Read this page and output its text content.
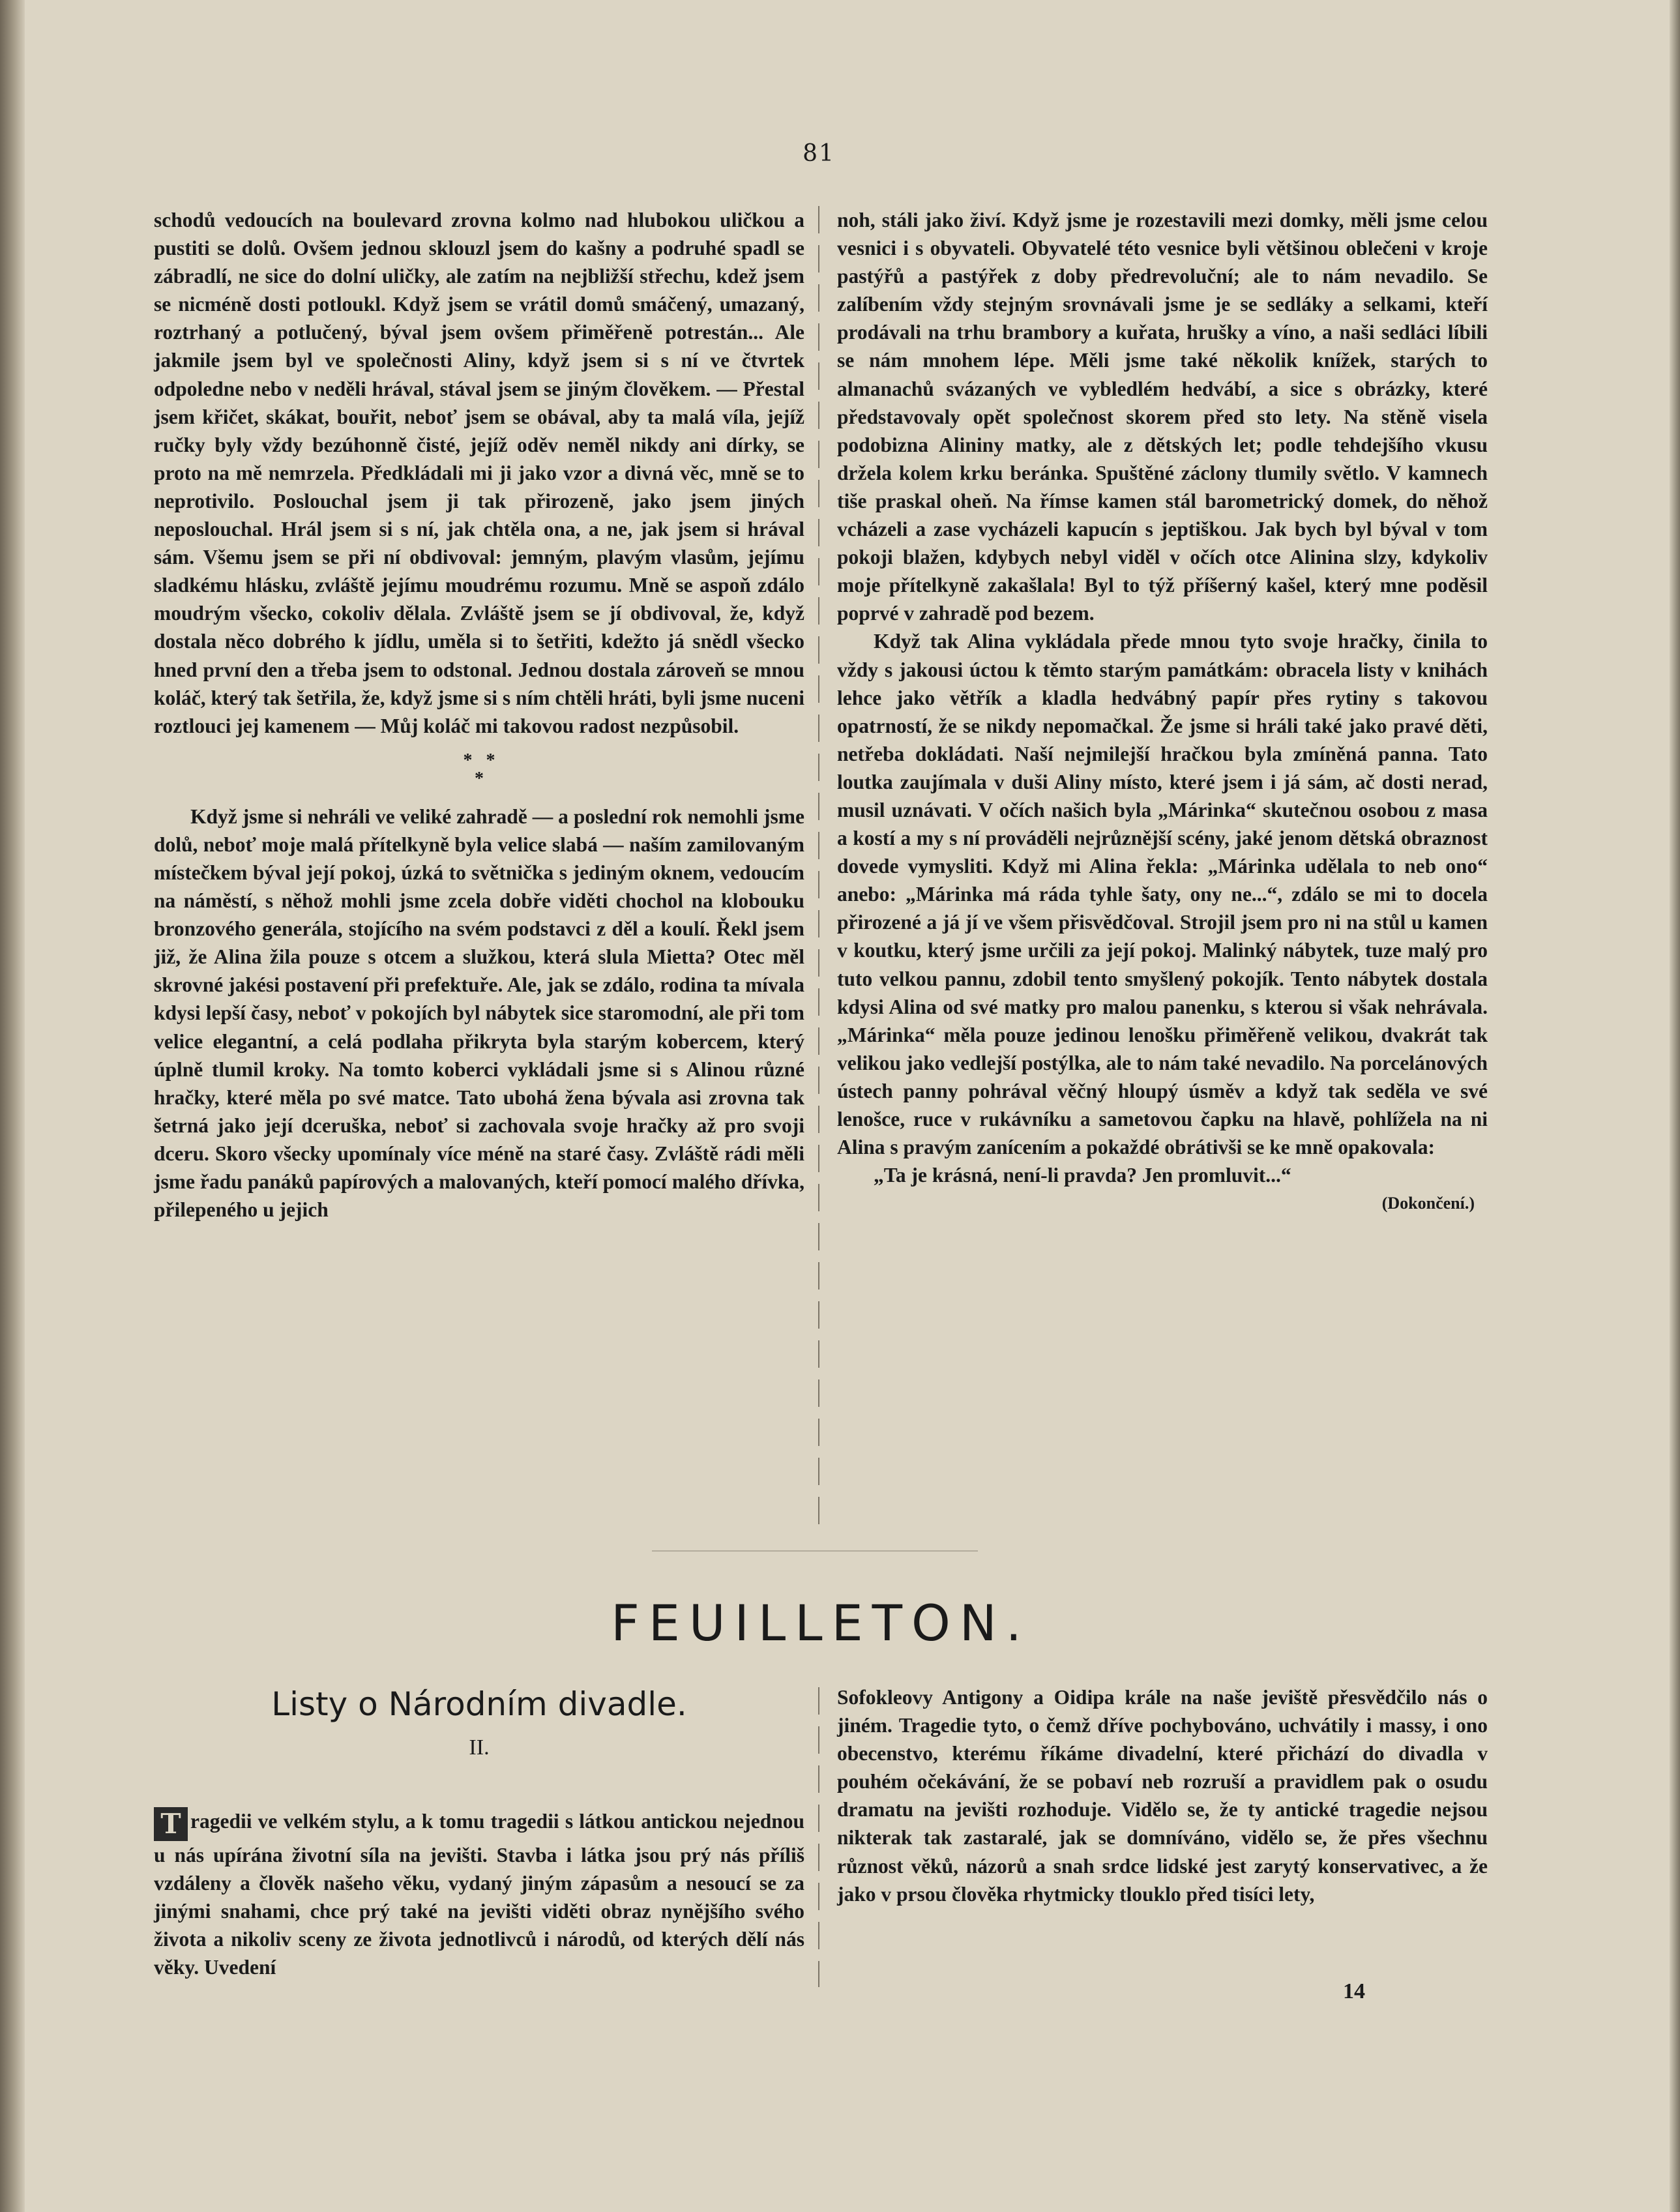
81

schodů vedoucích na boulevard zrovna kolmo nad hlubokou uličkou a pustiti se dolů. Ovšem jednou sklouzl jsem do kašny a podruhé spadl se zábradlí, ne sice do dolní uličky, ale zatím na nejbližší střechu, kdež jsem se nicméně dosti potloukl. Když jsem se vrátil domů smáčený, umazaný, roztrhaný a potlučený, býval jsem ovšem přiměřeně potrestán... Ale jakmile jsem byl ve společnosti Aliny, když jsem si s ní ve čtvrtek odpoledne nebo v neděli hrával, stával jsem se jiným člověkem. — Přestal jsem křičet, skákat, bouřit, neboť jsem se obával, aby ta malá víla, jejíž ručky byly vždy bezúhonně čisté, jejíž oděv neměl nikdy ani dírky, se proto na mě nemrzela. Předkládali mi ji jako vzor a divná věc, mně se to neprotivilo. Poslouchal jsem ji tak přirozeně, jako jsem jiných neposlouchal. Hrál jsem si s ní, jak chtěla ona, a ne, jak jsem si hrával sám. Všemu jsem se při ní obdivoval: jemným, plavým vlasům, jejímu sladkému hlásku, zvláště jejímu moudrému rozumu. Mně se aspoň zdálo moudrým všecko, cokoliv dělala. Zvláště jsem se jí obdivoval, že, když dostala něco dobrého k jídlu, uměla si to šetřiti, kdežto já snědl všecko hned první den a třeba jsem to odstonal. Jednou dostala zároveň se mnou koláč, který tak šetřila, že, když jsme si s ním chtěli hráti, byli jsme nuceni roztlouci jej kamenem — Můj koláč mi takovou radost nezpůsobil.

*   *
*

Když jsme si nehráli ve veliké zahradě — a poslední rok nemohli jsme dolů, neboť moje malá přítelkyně byla velice slabá — naším zamilovaným místečkem býval její pokoj, úzká to světnička s jediným oknem, vedoucím na náměstí, s něhož mohli jsme zcela dobře viděti chochol na klobouku bronzového generála, stojícího na svém podstavci z děl a koulí. Řekl jsem již, že Alina žila pouze s otcem a služkou, která slula Mietta? Otec měl skrovné jakési postavení při prefektuře. Ale, jak se zdálo, rodina ta mívala kdysi lepší časy, neboť v pokojích byl nábytek sice staromodní, ale při tom velice elegantní, a celá podlaha přikryta byla starým kobercem, který úplně tlumil kroky. Na tomto koberci vykládali jsme si s Alinou různé hračky, které měla po své matce. Tato ubohá žena bývala asi zrovna tak šetrná jako její dceruška, neboť si zachovala svoje hračky až pro svoji dceru. Skoro všecky upomínaly více méně na staré časy. Zvláště rádi měli jsme řadu panáků papírových a malovaných, kteří pomocí malého dřívka, přilepeného u jejich

noh, stáli jako živí. Když jsme je rozestavili mezi domky, měli jsme celou vesnici i s obyvateli. Obyvatelé této vesnice byli většinou oblečeni v kroje pastýřů a pastýřek z doby předrevoluční; ale to nám nevadilo. Se zalíbením vždy stejným srovnávali jsme je se sedláky a selkami, kteří prodávali na trhu brambory a kuřata, hrušky a víno, a naši sedláci líbili se nám mnohem lépe. Měli jsme také několik knížek, starých to almanachů svázaných ve vybledlém hedvábí, a sice s obrázky, které představovaly opět společnost skorem před sto lety. Na stěně visela podobizna Alininy matky, ale z dětských let; podle tehdejšího vkusu držela kolem krku beránka. Spuštěné záclony tlumily světlo. V kamnech tiše praskal oheň. Na římse kamen stál barometrický domek, do něhož vcházeli a zase vycházeli kapucín s jeptiškou. Jak bych byl býval v tom pokoji blažen, kdybych nebyl viděl v očích otce Alinina slzy, kdykoliv moje přítelkyně zakašlala! Byl to týž příšerný kašel, který mne poděsil poprvé v zahradě pod bezem.

Když tak Alina vykládala přede mnou tyto svoje hračky, činila to vždy s jakousi úctou k těmto starým památkám: obracela listy v knihách lehce jako větřík a kladla hedvábný papír přes rytiny s takovou opatrností, že se nikdy nepomačkal. Že jsme si hráli také jako pravé děti, netřeba dokládati. Naší nejmilejší hračkou byla zmíněná panna. Tato loutka zaujímala v duši Aliny místo, které jsem i já sám, ač dosti nerad, musil uznávati. V očích našich byla „Márinka“ skutečnou osobou z masa a kostí a my s ní prováděli nejrůznější scény, jaké jenom dětská obraznost dovede vymysliti. Když mi Alina řekla: „Márinka udělala to neb ono“ anebo: „Márinka má ráda tyhle šaty, ony ne...“, zdálo se mi to docela přirozené a já jí ve všem přisvědčoval. Strojil jsem pro ni na stůl u kamen v koutku, který jsme určili za její pokoj. Malinký nábytek, tuze malý pro tuto velkou pannu, zdobil tento smyšlený pokojík. Tento nábytek dostala kdysi Alina od své matky pro malou panenku, s kterou si však nehrávala. „Márinka“ měla pouze jedinou lenošku přiměřeně velikou, dvakrát tak velikou jako vedlejší postýlka, ale to nám také nevadilo. Na porcelánových ústech panny pohrával věčný hloupý úsměv a když tak seděla ve své lenošce, ruce v rukávníku a sametovou čapku na hlavě, pohlížela na ni Alina s pravým zanícením a pokaždé obrátivši se ke mně opakovala:

„Ta je krásná, není-li pravda? Jen promluvit...“

(Dokončení.)
FEUILLETON.
Listy o Národním divadle.
II.

T ragedii ve velkém stylu, a k tomu tragedii s látkou antickou nejednou u nás upírána životní síla na jevišti. Stavba i látka jsou prý nás příliš vzdáleny a člověk našeho věku, vydaný jiným zápasům a nesoucí se za jinými snahami, chce prý také na jevišti viděti obraz nynějšího svého života a nikoliv sceny ze života jednotlivců i národů, od kterých dělí nás věky. Uvedení

Sofokleovy Antigony a Oidipa krále na naše jeviště přesvědčilo nás o jiném. Tragedie tyto, o čemž dříve pochybováno, uchvátily i massy, i ono obecenstvo, kterému říkáme divadelní, které přichází do divadla v pouhém očekávání, že se pobaví neb rozruší a pravidlem pak o osudu dramatu na jevišti rozhoduje. Vidělo se, že ty antické tragedie nejsou nikterak tak zastaralé, jak se domníváno, vidělo se, že přes všechnu různost věků, názorů a snah srdce lidské jest zarytý konservativec, a že jako v prsou člověka rhytmicky tlouklo před tisíci lety,

14
